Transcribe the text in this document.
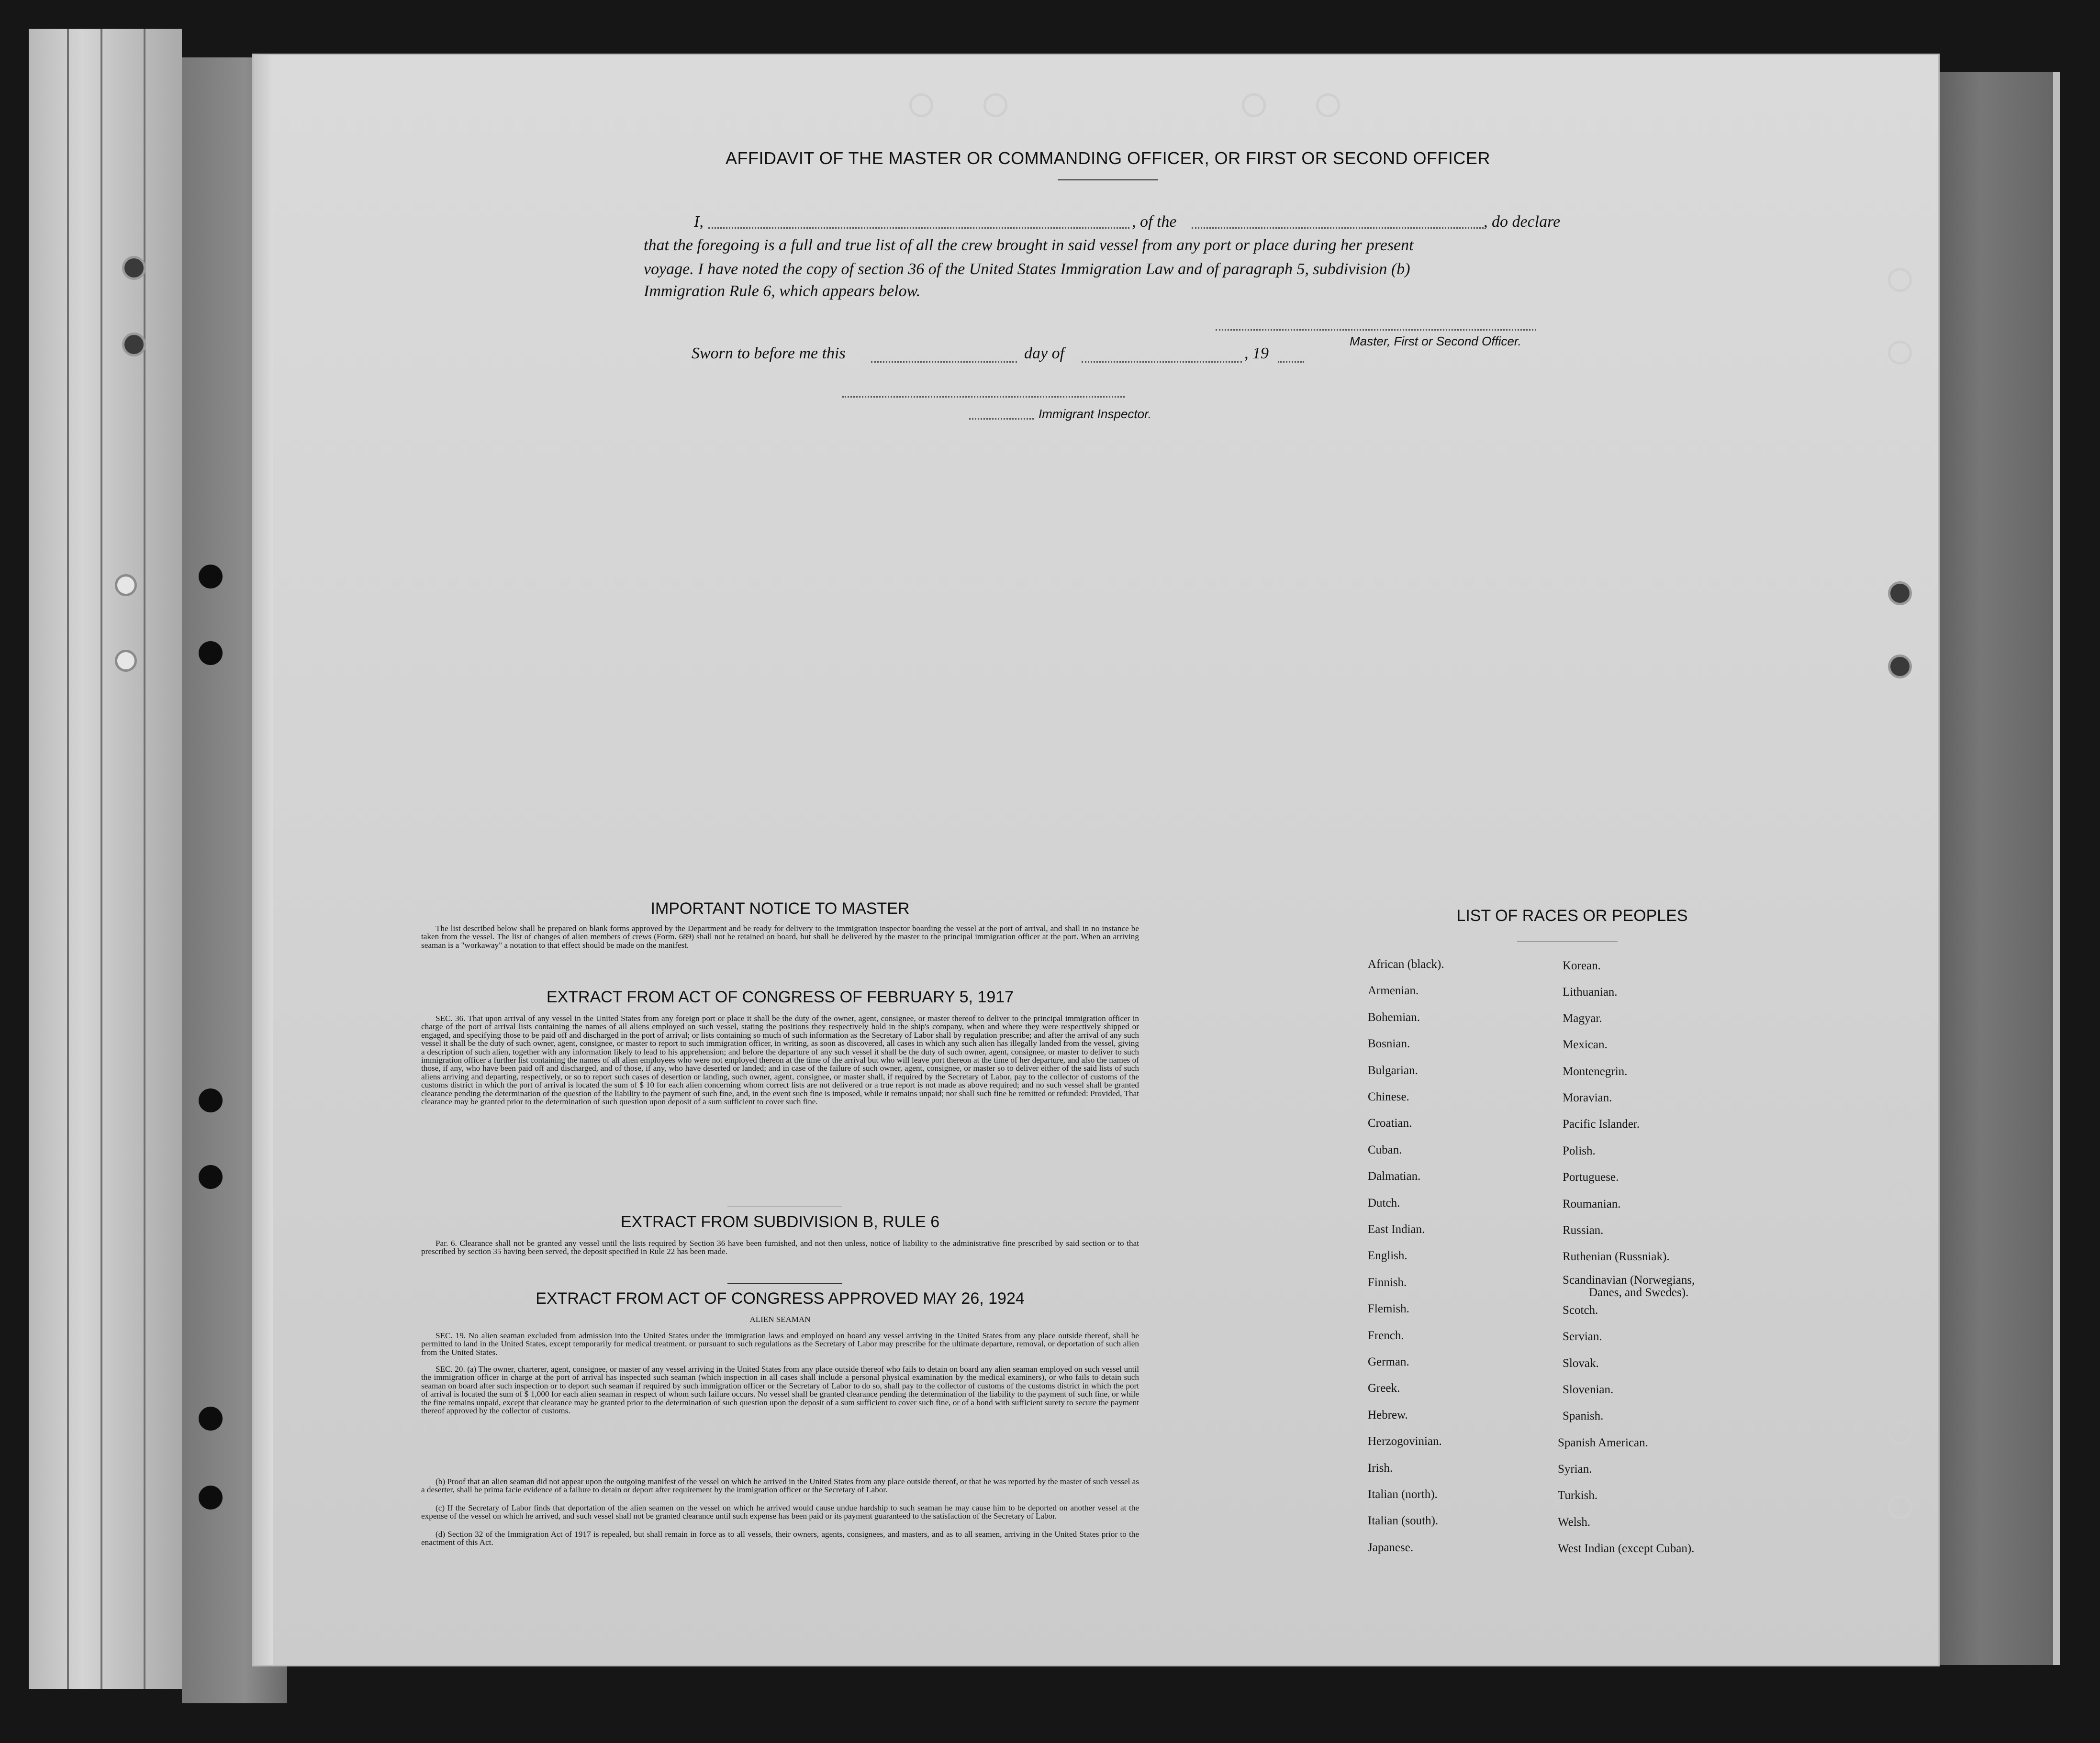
AFFIDAVIT OF THE MASTER OR COMMANDING OFFICER, OR FIRST OR SECOND OFFICER
I,	, of the	, do declare
that the foregoing is a full and true list of all the crew brought in said vessel from any port or place during her present
voyage. I have noted the copy of section 36 of the United States Immigration Law and of paragraph 5, subdivision (b)
Immigration Rule 6, which appears below.
Master, First or Second Officer.
Sworn to before me this	day of	, 19
Immigrant Inspector.
IMPORTANT NOTICE TO MASTER
The list described below shall be prepared on blank forms approved by the Department and be ready for delivery to the immigration inspector boarding the vessel at the port of arrival, and shall in no instance be taken from the vessel. The list of changes of alien members of crews (Form. 689) shall not be retained on board, but shall be delivered by the master to the principal immigration officer at the port. When an arriving seaman is a "workaway" a notation to that effect should be made on the manifest.
EXTRACT FROM ACT OF CONGRESS OF FEBRUARY 5, 1917
SEC. 36. That upon arrival of any vessel in the United States from any foreign port or place it shall be the duty of the owner, agent, consignee, or master thereof to deliver to the principal immigration officer in charge of the port of arrival lists containing the names of all aliens employed on such vessel, stating the positions they respectively hold in the ship's company, when and where they were respectively shipped or engaged, and specifying those to be paid off and discharged in the port of arrival; or lists containing so much of such information as the Secretary of Labor shall by regulation prescribe; and after the arrival of any such vessel it shall be the duty of such owner, agent, consignee, or master to report to such immigration officer, in writing, as soon as discovered, all cases in which any such alien has illegally landed from the vessel, giving a description of such alien, together with any information likely to lead to his apprehension; and before the departure of any such vessel it shall be the duty of such owner, agent, consignee, or master to deliver to such immigration officer a further list containing the names of all alien employees who were not employed thereon at the time of the arrival but who will leave port thereon at the time of her departure, and also the names of those, if any, who have been paid off and discharged, and of those, if any, who have deserted or landed; and in case of the failure of such owner, agent, consignee, or master so to deliver either of the said lists of such aliens arriving and departing, respectively, or so to report such cases of desertion or landing, such owner, agent, consignee, or master shall, if required by the Secretary of Labor, pay to the collector of customs of the customs district in which the port of arrival is located the sum of $ 10 for each alien concerning whom correct lists are not delivered or a true report is not made as above required; and no such vessel shall be granted clearance pending the determination of the question of the liability to the payment of such fine, and, in the event such fine is imposed, while it remains unpaid; nor shall such fine be remitted or refunded: Provided, That clearance may be granted prior to the determination of such question upon deposit of a sum sufficient to cover such fine.
EXTRACT FROM SUBDIVISION B, RULE 6
Par. 6. Clearance shall not be granted any vessel until the lists required by Section 36 have been furnished, and not then unless, notice of liability to the administrative fine prescribed by said section or to that prescribed by section 35 having been served, the deposit specified in Rule 22 has been made.
EXTRACT FROM ACT OF CONGRESS APPROVED MAY 26, 1924
ALIEN SEAMAN
SEC. 19. No alien seaman excluded from admission into the United States under the immigration laws and employed on board any vessel arriving in the United States from any place outside thereof, shall be permitted to land in the United States, except temporarily for medical treatment, or pursuant to such regulations as the Secretary of Labor may prescribe for the ultimate departure, removal, or deportation of such alien from the United States.
SEC. 20. (a) The owner, charterer, agent, consignee, or master of any vessel arriving in the United States from any place outside thereof who fails to detain on board any alien seaman employed on such vessel until the immigration officer in charge at the port of arrival has inspected such seaman (which inspection in all cases shall include a personal physical examination by the medical examiners), or who fails to detain such seaman on board after such inspection or to deport such seaman if required by such immigration officer or the Secretary of Labor to do so, shall pay to the collector of customs of the customs district in which the port of arrival is located the sum of $ 1,000 for each alien seaman in respect of whom such failure occurs. No vessel shall be granted clearance pending the determination of the liability to the payment of such fine, or while the fine remains unpaid, except that clearance may be granted prior to the determination of such question upon the deposit of a sum sufficient to cover such fine, or of a bond with sufficient surety to secure the payment thereof approved by the collector of customs.
(b) Proof that an alien seaman did not appear upon the outgoing manifest of the vessel on which he arrived in the United States from any place outside thereof, or that he was reported by the master of such vessel as a deserter, shall be prima facie evidence of a failure to detain or deport after requirement by the immigration officer or the Secretary of Labor.
(c) If the Secretary of Labor finds that deportation of the alien seamen on the vessel on which he arrived would cause undue hardship to such seaman he may cause him to be deported on another vessel at the expense of the vessel on which he arrived, and such vessel shall not be granted clearance until such expense has been paid or its payment guaranteed to the satisfaction of the Secretary of Labor.
(d) Section 32 of the Immigration Act of 1917 is repealed, but shall remain in force as to all vessels, their owners, agents, consignees, and masters, and as to all seamen, arriving in the United States prior to the enactment of this Act.
LIST OF RACES OR PEOPLES
African (black).
Armenian.
Bohemian.
Bosnian.
Bulgarian.
Chinese.
Croatian.
Cuban.
Dalmatian.
Dutch.
East Indian.
English.
Finnish.
Flemish.
French.
German.
Greek.
Hebrew.
Herzogovinian.
Irish.
Italian (north).
Italian (south).
Japanese.
Korean.
Lithuanian.
Magyar.
Mexican.
Montenegrin.
Moravian.
Pacific Islander.
Polish.
Portuguese.
Roumanian.
Russian.
Ruthenian (Russniak).
Scandinavian (Norwegians,
Danes, and Swedes).
Scotch.
Servian.
Slovak.
Slovenian.
Spanish.
Spanish American.
Syrian.
Turkish.
Welsh.
West Indian (except Cuban).
